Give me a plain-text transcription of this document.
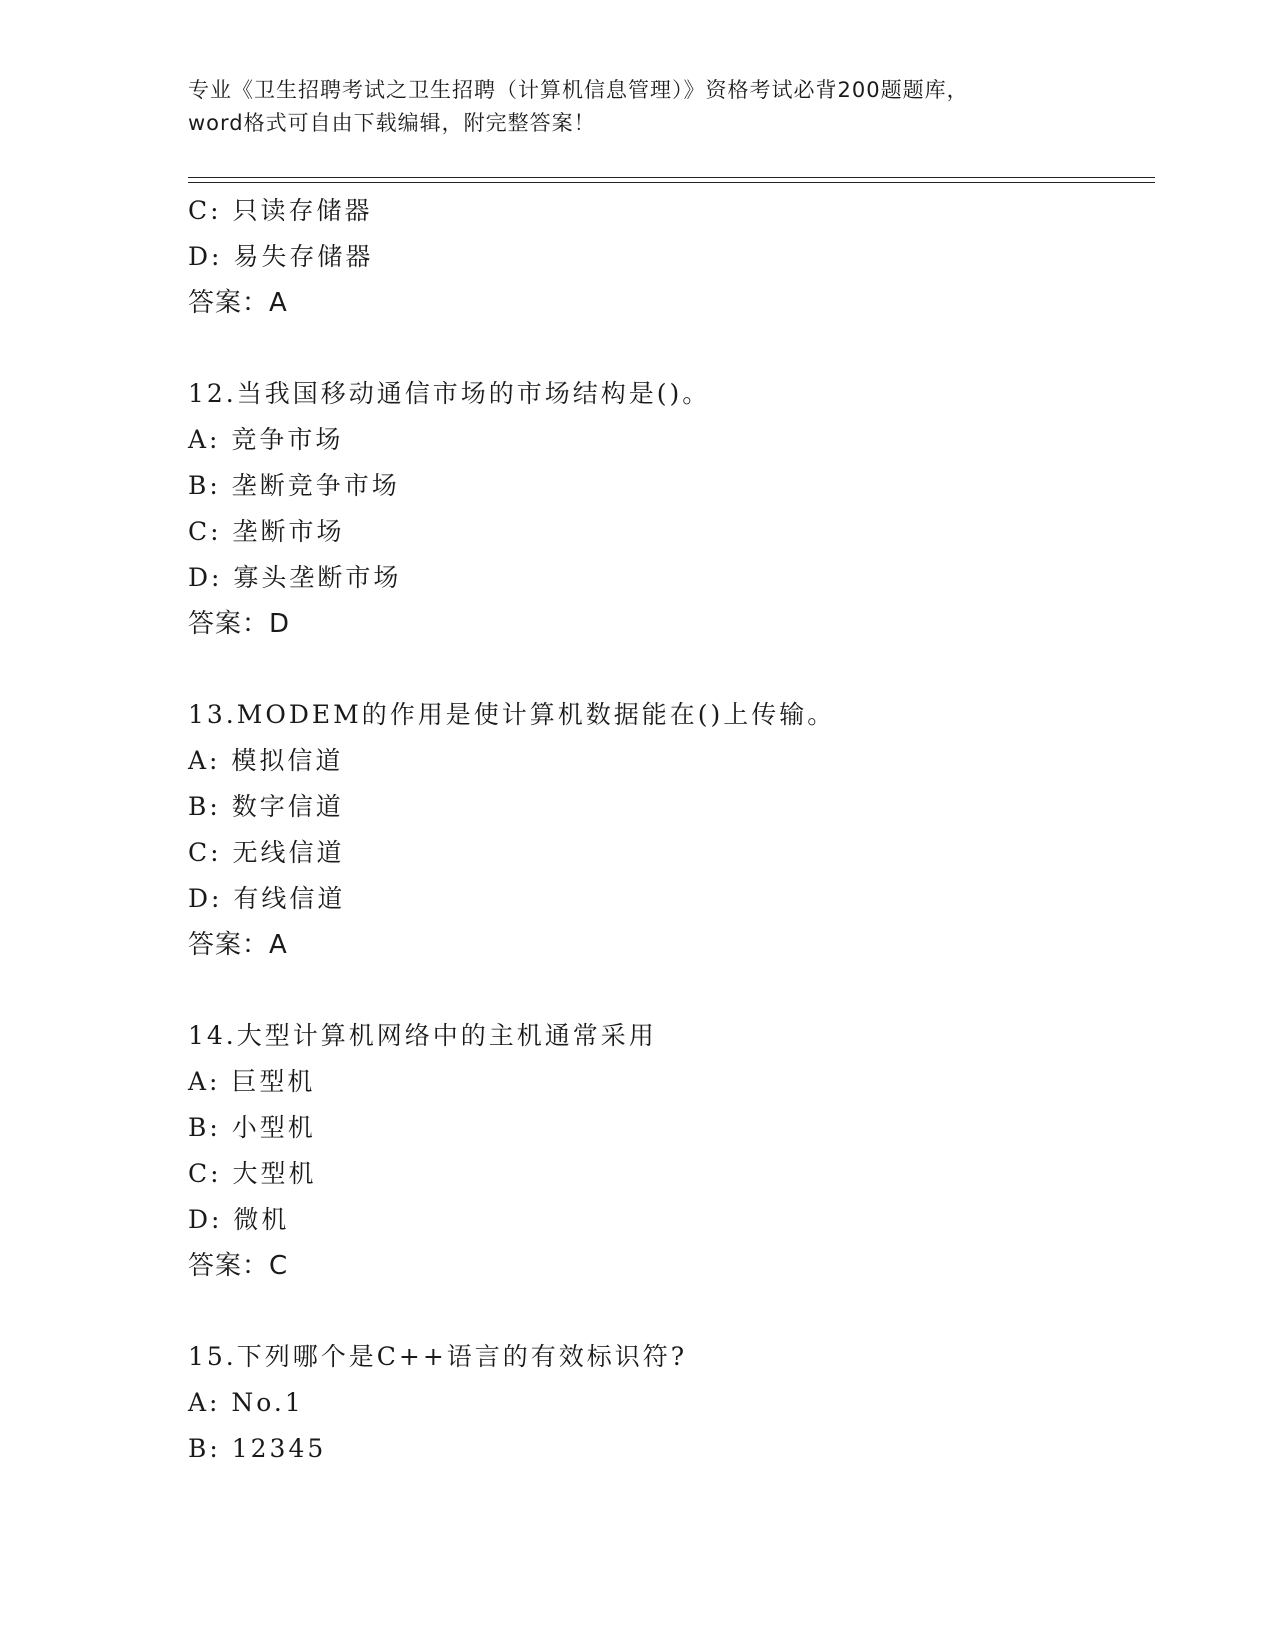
专业《卫生招聘考试之卫生招聘（计算机信息管理）》资格考试必背200题题库，
word格式可自由下载编辑，附完整答案！
C: 只读存储器
D: 易失存储器
答案：A
12.当我国移动通信市场的市场结构是()。
A: 竞争市场
B: 垄断竞争市场
C: 垄断市场
D: 寡头垄断市场
答案：D
13.MODEM的作用是使计算机数据能在()上传输。
A: 模拟信道
B: 数字信道
C: 无线信道
D: 有线信道
答案：A
14.大型计算机网络中的主机通常采用
A: 巨型机
B: 小型机
C: 大型机
D: 微机
答案：C
15.下列哪个是C++语言的有效标识符?
A: No.1
B: 12345
